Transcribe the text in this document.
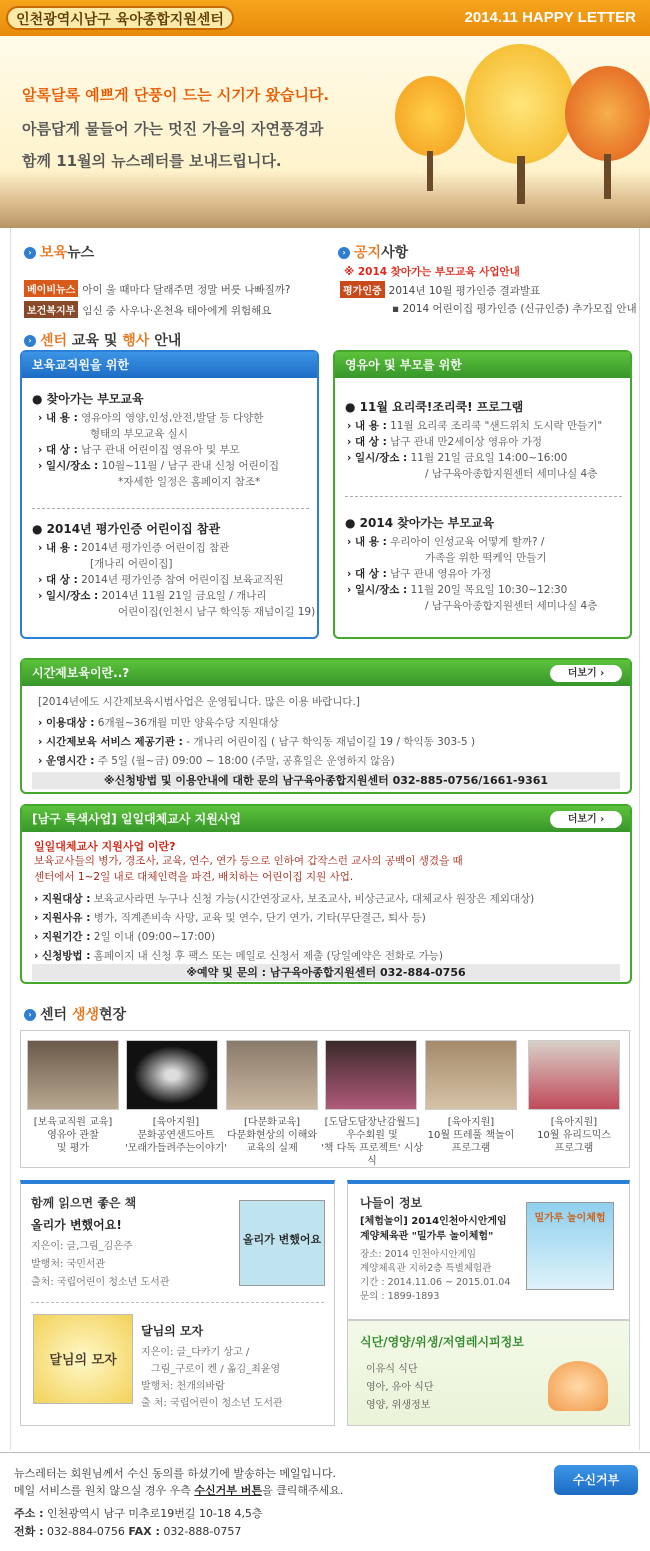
인천광역시남구 육아종합지원센터	2014.11 HAPPY LETTER
알록달록 예쁘게 단풍이 드는 시기가 왔습니다.
아름답게 물들어 가는 멋진 가을의 자연풍경과
함께 11월의 뉴스레터를 보내드립니다.
› 보육뉴스
베이비뉴스 아이 울 때마다 달래주면 정말 버릇 나빠질까?
보건복지부 임신 중 사우나·온천욕 태아에게 위험해요
› 공지사항
※ 2014 찾아가는 부모교육 사업안내
평가인증 2014년 10월 평가인증 결과발표
▪ 2014 어린이집 평가인증 (신규인증) 추가모집 안내
› 센터 교육 및 행사 안내
보육교직원을 위한
● 찾아가는 부모교육
› 내 용 : 영유아의 영양,인성,안전,발달 등 다양한
형태의 부모교육 실시
› 대 상 : 남구 관내 어린이집 영유아 및 부모
› 일시/장소 : 10월~11월 / 남구 관내 신청 어린이집
*자세한 일정은 홈페이지 참조*
● 2014년 평가인증 어린이집 참관
› 내 용 : 2014년 평가인증 어린이집 참관
[개나리 어린이집]
› 대 상 : 2014년 평가인증 참여 어린이집 보육교직원
› 일시/장소 : 2014년 11월 21일 금요일 / 개나리
어린이집(인천시 남구 학익동 재넘이길 19)
영유아 및 부모를 위한
● 11월 요리쿡!조리쿡! 프로그램
› 내 용 : 11월 요리쿡 조리쿡 "샌드위치 도시락 만들기"
› 대 상 : 남구 관내 만2세이상 영유아 가정
› 일시/장소 : 11월 21일 금요일 14:00~16:00
/ 남구육아종합지원센터 세미나실 4층
● 2014 찾아가는 부모교육
› 내 용 : 우리아이 인성교육 어떻게 할까? /
가족을 위한 떡케익 만들기
› 대 상 : 남구 관내 영유아 가정
› 일시/장소 : 11월 20일 목요일 10:30~12:30
/ 남구육아종합지원센터 세미나실 4층
시간제보육이란..?	더보기 ›
[2014년에도 시간제보육시범사업은 운영됩니다. 많은 이용 바랍니다.]
› 이용대상 : 6개월~36개월 미만 양육수당 지원대상
› 시간제보육 서비스 제공기관 : - 개나리 어린이집 ( 남구 학익동 재넘이길 19 / 학익동 303-5 )
› 운영시간 : 주 5일 (월~금) 09:00 ~ 18:00 (주말, 공휴일은 운영하지 않음)
※신청방법 및 이용안내에 대한 문의 남구육아종합지원센터 032-885-0756/1661-9361
[남구 특색사업] 일일대체교사 지원사업	더보기 ›
일일대체교사 지원사업 이란?
보육교사들의 병가, 경조사, 교육, 연수, 연가 등으로 인하여 갑작스런 교사의 공백이 생겼을 때
센터에서 1~2일 내로 대체인력을 파견, 배치하는 어린이집 지원 사업.
› 지원대상 : 보육교사라면 누구나 신청 가능(시간연장교사, 보조교사, 비상근교사, 대체교사 원장은 제외대상)
› 지원사유 : 병가, 직계존비속 사망, 교육 및 연수, 단기 연가, 기타(무단결근, 퇴사 등)
› 지원기간 : 2일 이내 (09:00~17:00)
› 신청방법 : 홈페이지 내 신청 후 팩스 또는 메일로 신청서 제출 (당일예약은 전화로 가능)
※예약 및 문의 : 남구육아종합지원센터 032-884-0756
› 센터 생생현장
[보육교직원 교육]
영유아 관찰
및 평가
[육아지원]
문화공연샌드아트
'모래가들려주는이야기'
[다문화교육]
다문화현상의 이해와
교육의 실제
[도담도담장난감월드]
우수회원 및
'책 다독 프로젝트' 시상식
[육아지원]
10월 뜨레풀 책놀이
프로그램
[육아지원]
10월 유리드믹스
프로그램
함께 읽으면 좋은 책
올리가 변했어요!
지은이: 글,그림_김은주
발행처: 국민서관
출처: 국립어린이 청소년 도서관
올리가 변했어요
달님의 모자
달님의 모자
지은이: 글_다카기 상고 /
그림_구로이 켄 / 옮김_최윤영
발행처: 천개의바람
출 처: 국립어린이 청소년 도서관
나들이 정보
[체험놀이] 2014인천아시안게임
계양체육관 "밀가루 놀이체험"
장소: 2014 인천아시안게임
계양체육관 지하2층 특별체험관
기간 : 2014.11.06 ~ 2015.01.04
문의 : 1899-1893
밀가루 놀이체험
식단/영양/위생/저염레시피정보
이유식 식단
영아, 유아 식단
영양, 위생정보
뉴스레터는 회원님께서 수신 동의를 하셨기에 발송하는 메일입니다.
메일 서비스를 원치 않으실 경우 우측 수신거부 버튼을 클릭해주세요.
주소 : 인천광역시 남구 미추로19번길 10-18 4,5층
전화 : 032-884-0756 FAX : 032-888-0757
수신거부
